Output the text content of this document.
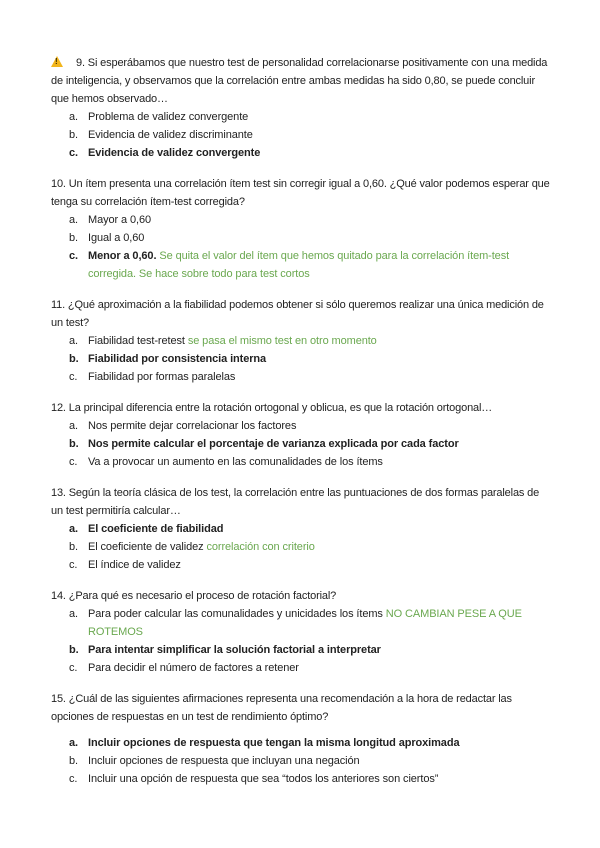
!9. Si esperábamos que nuestro test de personalidad correlacionarse positivamente con una medida de inteligencia, y observamos que la correlación entre ambas medidas ha sido 0,80, se puede concluir que hemos observado…

a. Problema de validez convergente
b. Evidencia de validez discriminante
c. Evidencia de validez convergente

10. Un ítem presenta una correlación ítem test sin corregir igual a 0,60. ¿Qué valor podemos esperar que tenga su correlación ítem-test corregida?

a. Mayor a 0,60
b. Igual a 0,60
c. Menor a 0,60. Se quita el valor del ítem que hemos quitado para la correlación ítem-test corregida. Se hace sobre todo para test cortos

11. ¿Qué aproximación a la fiabilidad podemos obtener si sólo queremos realizar una única medición de un test?

a. Fiabilidad test-retest se pasa el mismo test en otro momento
b. Fiabilidad por consistencia interna
c. Fiabilidad por formas paralelas

12. La principal diferencia entre la rotación ortogonal y oblicua, es que la rotación ortogonal…

a. Nos permite dejar correlacionar los factores
b. Nos permite calcular el porcentaje de varianza explicada por cada factor
c. Va a provocar un aumento en las comunalidades de los ítems

13. Según la teoría clásica de los test, la correlación entre las puntuaciones de dos formas paralelas de un test permitiría calcular…

a. El coeficiente de fiabilidad
b. El coeficiente de validez correlación con criterio
c. El índice de validez

14. ¿Para qué es necesario el proceso de rotación factorial?

a. Para poder calcular las comunalidades y unicidades los ítems NO CAMBIAN PESE A QUE ROTEMOS
b. Para intentar simplificar la solución factorial a interpretar
c. Para decidir el número de factores a retener

15. ¿Cuál de las siguientes afirmaciones representa una recomendación a la hora de redactar las opciones de respuestas en un test de rendimiento óptimo?

a. Incluir opciones de respuesta que tengan la misma longitud aproximada
b. Incluir opciones de respuesta que incluyan una negación
c. Incluir una opción de respuesta que sea “todos los anteriores son ciertos”
